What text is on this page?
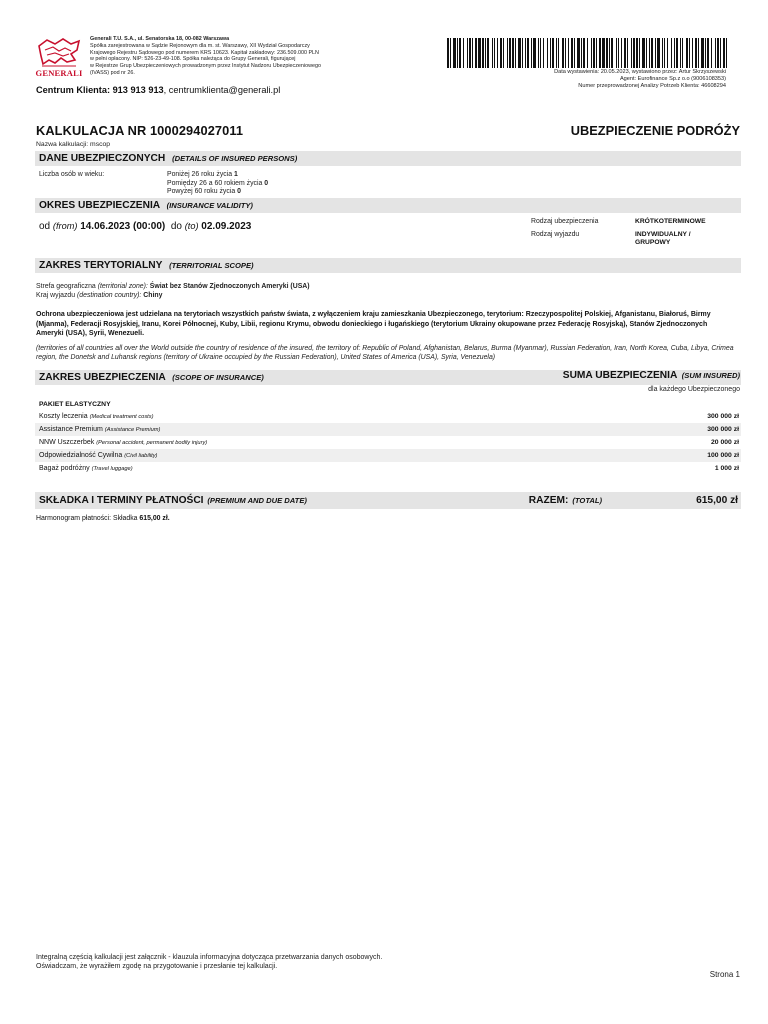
GENERALI
Generali T.U. S.A., ul. Senatorska 18, 00-082 Warszawa
Spółka zarejestrowana w Sądzie Rejonowym dla m. st. Warszawy, XII Wydział Gospodarczy
Krajowego Rejestru Sądowego pod numerem KRS 10623. Kapitał zakładowy: 236.509.000 PLN
w pełni opłacony. NIP: 526-23-49-108. Spółka należąca do Grupy Generali, figurującej
w Rejestrze Grup Ubezpieczeniowych prowadzonym przez Instytut Nadzoru Ubezpieczeniowego
(IVASS) pod nr 26.
Centrum Klienta: 913 913 913, centrumklienta@generali.pl
Data wystawienia: 20.05.2023, wystawiono przez: Artur Skrzyszewski
Agent: Eurofinance Sp.z o.o (9006108353)
Numer przeprowadzonej Analizy Potrzeb Klienta: 46608294
KALKULACJA NR 1000294027011	UBEZPIECZENIE PODRÓŻY
Nazwa kalkulacji: mscop
DANE UBEZPIECZONYCH (DETAILS OF INSURED PERSONS)
Liczba osób w wieku:	Poniżej 26 roku życia 1
Pomiędzy 26 a 60 rokiem życia 0
Powyżej 60 roku życia 0
OKRES UBEZPIECZENIA (INSURANCE VALIDITY)
od (from) 14.06.2023 (00:00) do (to) 02.09.2023	Rodzaj ubezpieczenia	KRÓTKOTERMINOWE
Rodzaj wyjazdu	INDYWIDUALNY / GRUPOWY
ZAKRES TERYTORIALNY (TERRITORIAL SCOPE)
Strefa geograficzna (territorial zone): Świat bez Stanów Zjednoczonych Ameryki (USA)
Kraj wyjazdu (destination country): Chiny
Ochrona ubezpieczeniowa jest udzielana na terytoriach wszystkich państw świata, z wyłączeniem kraju zamieszkania Ubezpieczonego, terytorium: Rzeczypospolitej Polskiej, Afganistanu, Białoruś, Birmy (Mjanma), Federacji Rosyjskiej, Iranu, Korei Północnej, Kuby, Libii, regionu Krymu, obwodu donieckiego i ługańskiego (terytorium Ukrainy okupowane przez Federację Rosyjską), Stanów Zjednoczonych Ameryki (USA), Syrii, Wenezueli.
(territories of all countries all over the World outside the country of residence of the insured, the territory of: Republic of Poland, Afghanistan, Belarus, Burma (Myanmar), Russian Federation, Iran, North Korea, Cuba, Libya, Crimea region, the Donetsk and Luhansk regions (territory of Ukraine occupied by the Russian Federation), United States of America (USA), Syria, Venezuela)
ZAKRES UBEZPIECZENIA (SCOPE OF INSURANCE)	SUMA UBEZPIECZENIA (SUM INSURED)
dla każdego Ubezpieczonego
PAKIET ELASTYCZNY
Koszty leczenia (Medical treatment costs)	300 000 zł
Assistance Premium (Assistance Premium)	300 000 zł
NNW Uszczerbek (Personal accident, permanent bodily injury)	20 000 zł
Odpowiedzialność Cywilna (Civil liability)	100 000 zł
Bagaż podróżny (Travel luggage)	1 000 zł
SKŁADKA I TERMINY PŁATNOŚCI (PREMIUM AND DUE DATE)	RAZEM: (TOTAL)	615,00 zł
Harmonogram płatności: Składka 615,00 zł.
Integralną częścią kalkulacji jest załącznik - klauzula informacyjna dotycząca przetwarzania danych osobowych.
Oświadczam, że wyrażiłem zgodę na przygotowanie i przesłanie tej kalkulacji.
Strona 1
